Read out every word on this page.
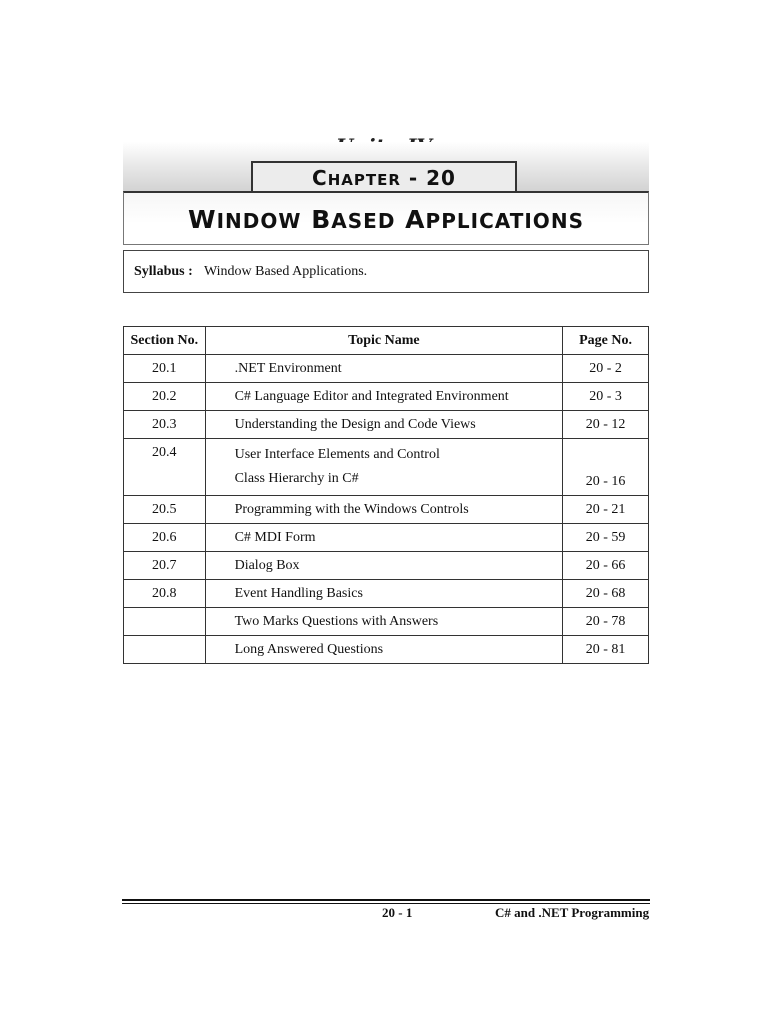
CHAPTER - 20
WINDOW BASED APPLICATIONS
Syllabus : Window Based Applications.
Section No.	Topic Name	Page No.
20.1	.NET Environment	20 - 2
20.2	C# Language Editor and Integrated Environment	20 - 3
20.3	Understanding the Design and Code Views	20 - 12
20.4	User Interface Elements and Control
Class Hierarchy in C#	20 - 16
20.5	Programming with the Windows Controls	20 - 21
20.6	C# MDI Form	20 - 59
20.7	Dialog Box	20 - 66
20.8	Event Handling Basics	20 - 68
	Two Marks Questions with Answers	20 - 78
	Long Answered Questions	20 - 81
20 - 1	C# and .NET Programming
